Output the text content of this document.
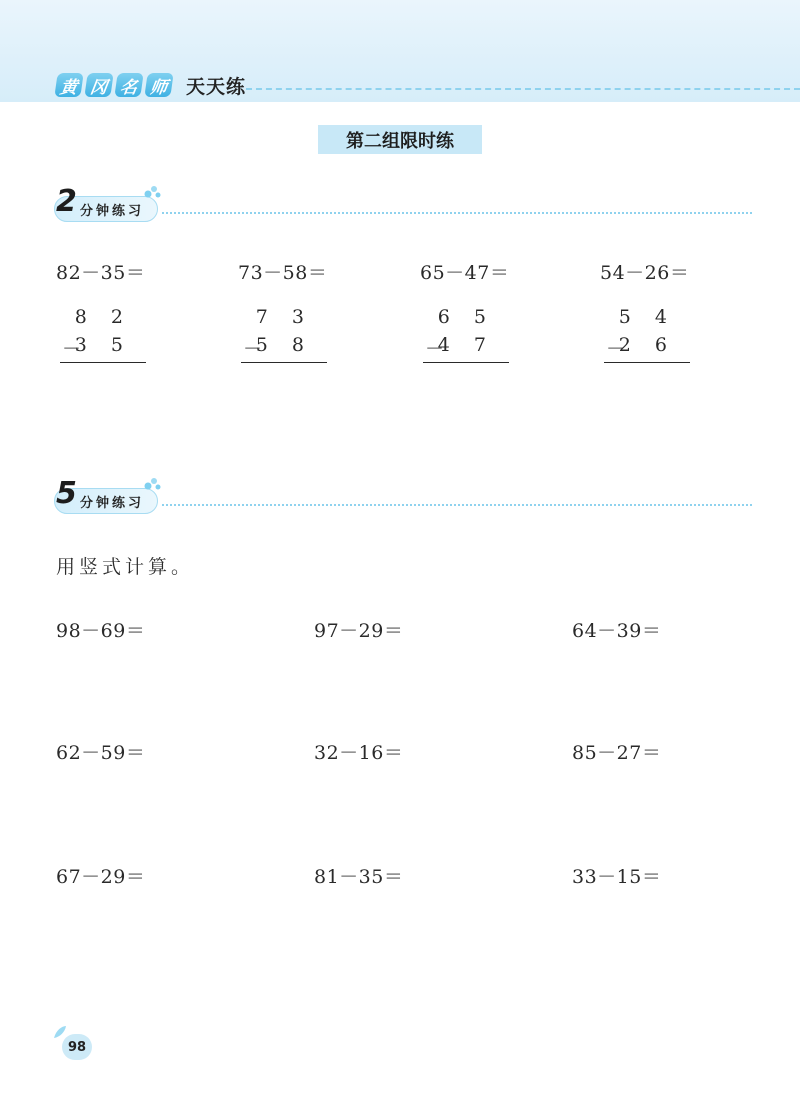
黄 冈 名 师 天天练
第二组限时练
2 分钟练习
82－35＝	73－58＝	65－47＝	54－26＝
8 2
－
3 5
7 3
－
5 8
6 5
－
4 7
5 4
－
2 6
5 分钟练习
用竖式计算。
98－69＝	97－29＝	64－39＝
62－59＝	32－16＝	85－27＝
67－29＝	81－35＝	33－15＝
98
